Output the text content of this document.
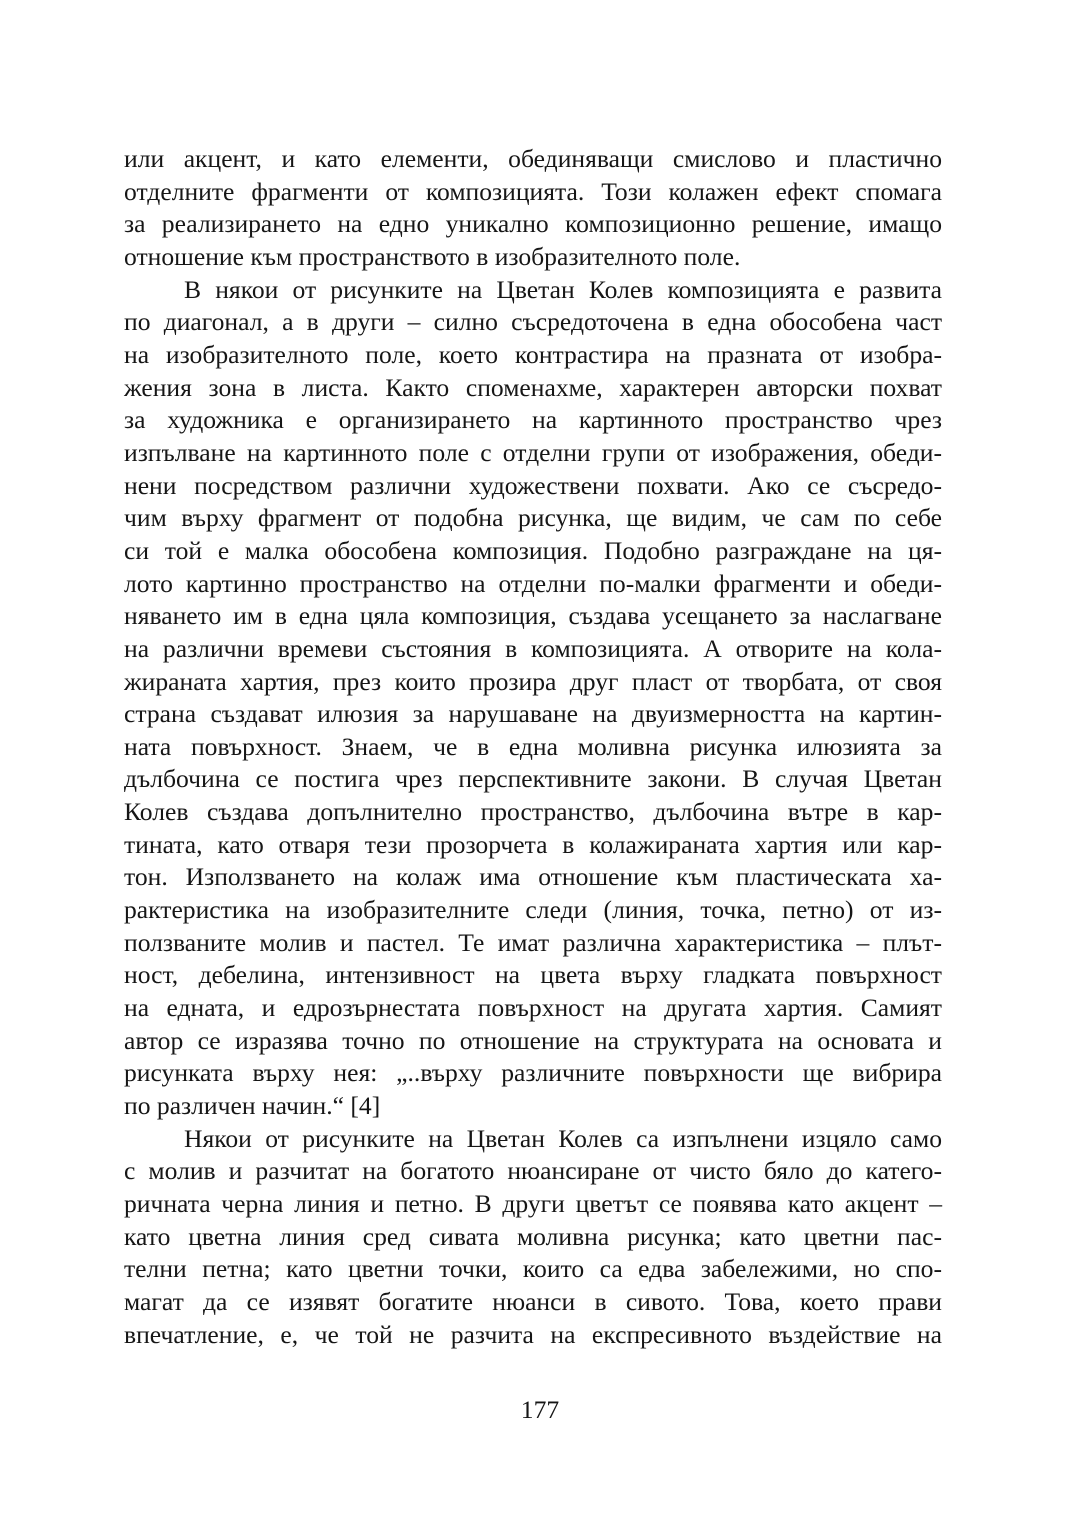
или акцент, и като елементи, обединяващи смислово и пластично
отделните фрагменти от композицията. Този колажен ефект спомага
за реализирането на едно уникално композиционно решение, имащо
отношение към пространството в изобразителното поле.
В някои от рисунките на Цветан Колев композицията е развита
по диагонал, а в други – силно съсредоточена в една обособена част
на изобразителното поле, което контрастира на празната от изобра-
жения зона в листа. Както споменахме, характерен авторски похват
за художника е организирането на картинното пространство чрез
изпълване на картинното поле с отделни групи от изображения, обеди-
нени посредством различни художествени похвати. Ако се съсредо-
чим върху фрагмент от подобна рисунка, ще видим, че сам по себе
си той е малка обособена композиция. Подобно разграждане на ця-
лото картинно пространство на отделни по-малки фрагменти и обеди-
няването им в една цяла композиция, създава усещането за наслагване
на различни времеви състояния в композицията. А отворите на кола-
жираната хартия, през които прозира друг пласт от творбата, от своя
страна създават илюзия за нарушаване на двуизмерността на картин-
ната повърхност. Знаем, че в една моливна рисунка илюзията за
дълбочина се постига чрез перспективните закони. В случая Цветан
Колев създава допълнително пространство, дълбочина вътре в кар-
тината, като отваря тези прозорчета в колажираната хартия или кар-
тон. Използването на колаж има отношение към пластическата ха-
рактеристика на изобразителните следи (линия, точка, петно) от из-
ползваните молив и пастел. Те имат различна характеристика – плът-
ност, дебелина, интензивност на цвета върху гладката повърхност
на едната, и едрозърнестата повърхност на другата хартия. Самият
автор се изразява точно по отношение на структурата на основата и
рисунката върху нея: „..върху различните повърхности ще вибрира
по различен начин.“ [4]
Някои от рисунките на Цветан Колев са изпълнени изцяло само
с молив и разчитат на богатото нюансиране от чисто бяло до катего-
ричната черна линия и петно. В други цветът се появява като акцент –
като цветна линия сред сивата моливна рисунка; като цветни пас-
телни петна; като цветни точки, които са едва забележими, но спо-
магат да се изявят богатите нюанси в сивото. Това, което прави
впечатление, е, че той не разчита на експресивното въздействие на
177
